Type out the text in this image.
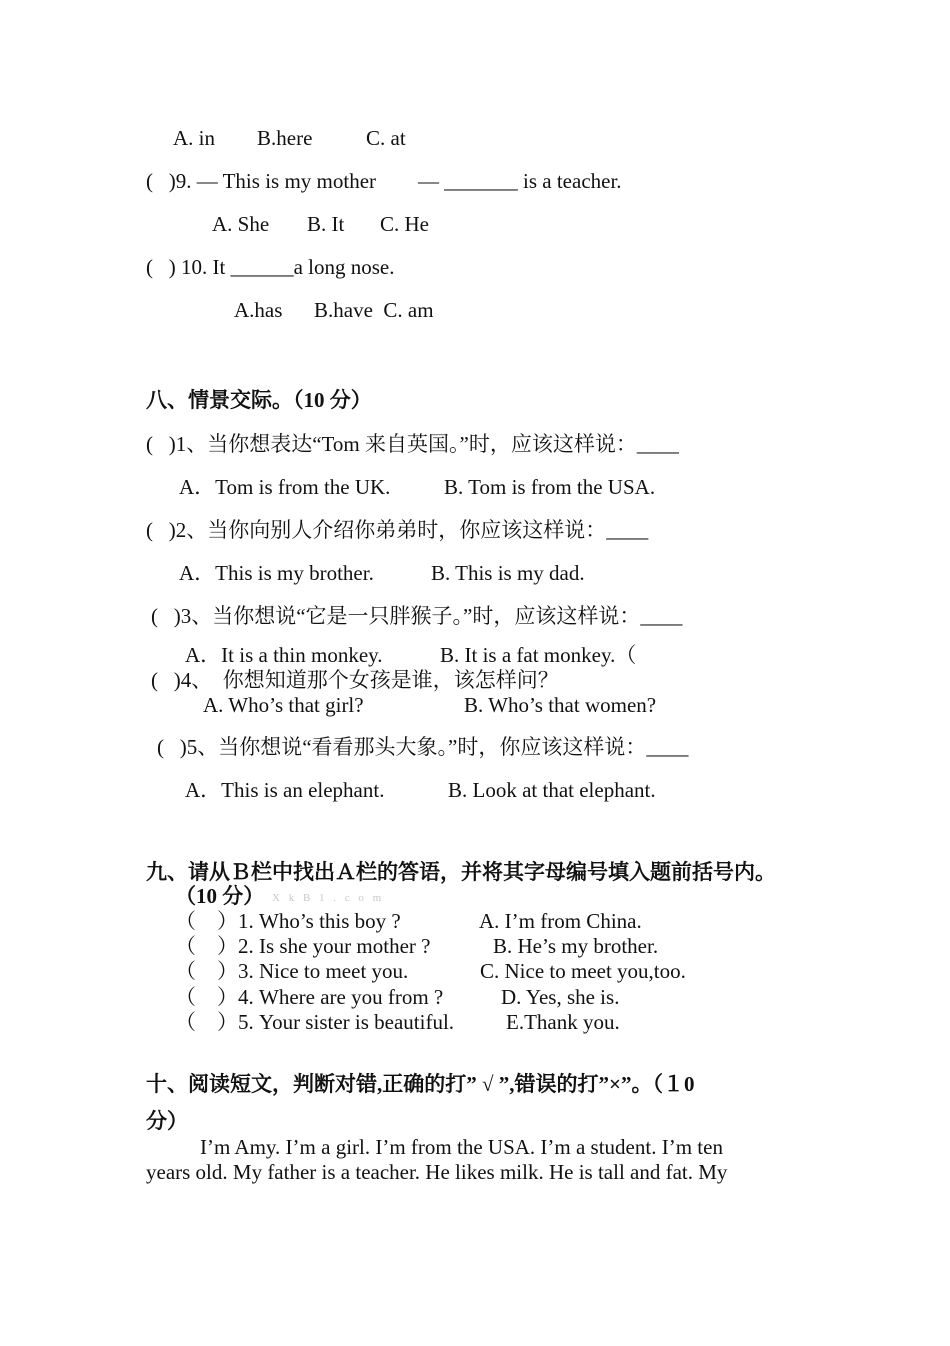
A. in B.here	C. at
(   )9. — This is my mother        — _______ is a teacher.
A. She B. It C. He
(   ) 10. It ______a long nose.
A.has B.have  C. am
八、情景交际。（10 分）
(   )1、当你想表达“Tom 来自英国。”时，应该这样说：____
A．Tom is from the UK.	B. Tom is from the USA.
(   )2、当你向别人介绍你弟弟时，你应该这样说：____
A．This is my brother.	B. This is my dad.
(   )3、当你想说“它是一只胖猴子。”时，应该这样说：____
A．It is a thin monkey.	B. It is a fat monkey.（
(   )4、  你想知道那个女孩是谁，该怎样问？
A. Who’s that girl?	B. Who’s that women?
(   )5、当你想说“看看那头大象。”时，你应该这样说：____
A．This is an elephant.	B. Look at that elephant.
九、请从Ｂ栏中找出Ａ栏的答语，并将其字母编号填入题前括号内。
（10 分） X k B 1 . c o m
（    ）1. Who’s this boy ?	A. I’m from China.
（    ）2. Is she your mother ?	B. He’s my brother.
（    ）3. Nice to meet you.	C. Nice to meet you,too.
（    ）4. Where are you from ?	D. Yes, she is.
（    ）5. Your sister is beautiful. E.Thank you.
十、阅读短文，判断对错,正确的打” √ ”,错误的打”×”。（１0
分）
I’m Amy. I’m a girl. I’m from the USA. I’m a student. I’m ten
years old. My father is a teacher. He likes milk. He is tall and fat. My
